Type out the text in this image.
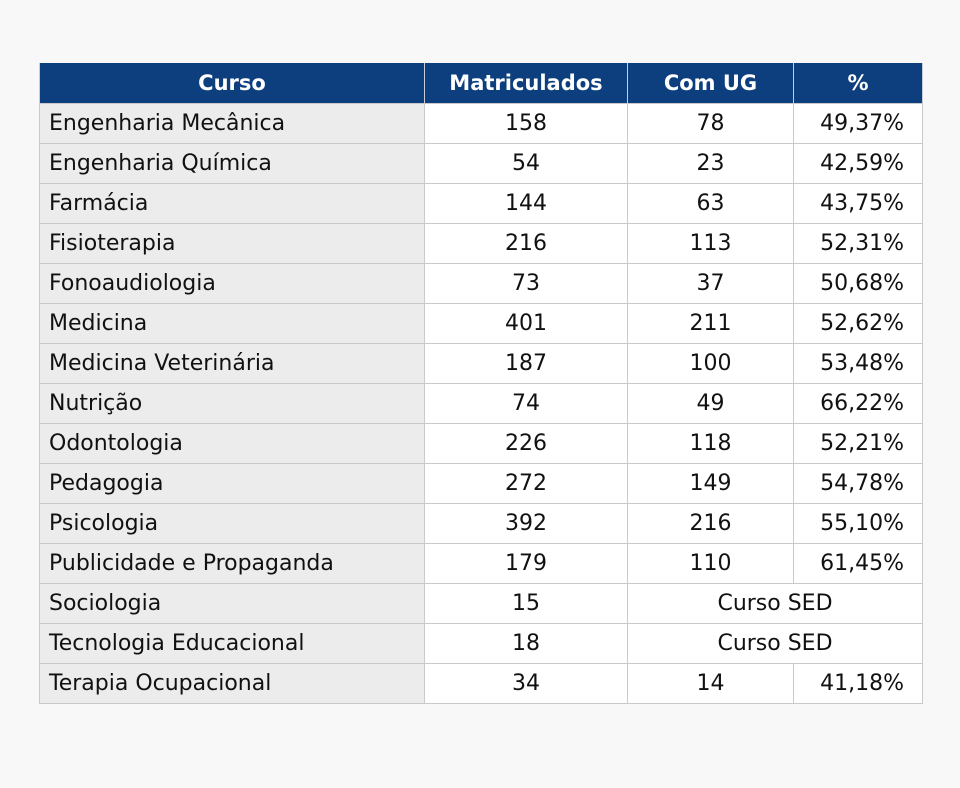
Curso	Matriculados	Com UG	%
Engenharia Mecânica	158	78	49,37%
Engenharia Química	54	23	42,59%
Farmácia	144	63	43,75%
Fisioterapia	216	113	52,31%
Fonoaudiologia	73	37	50,68%
Medicina	401	211	52,62%
Medicina Veterinária	187	100	53,48%
Nutrição	74	49	66,22%
Odontologia	226	118	52,21%
Pedagogia	272	149	54,78%
Psicologia	392	216	55,10%
Publicidade e Propaganda	179	110	61,45%
Sociologia	15	Curso SED	
Tecnologia Educacional	18	Curso SED	
Terapia Ocupacional	34	14	41,18%
